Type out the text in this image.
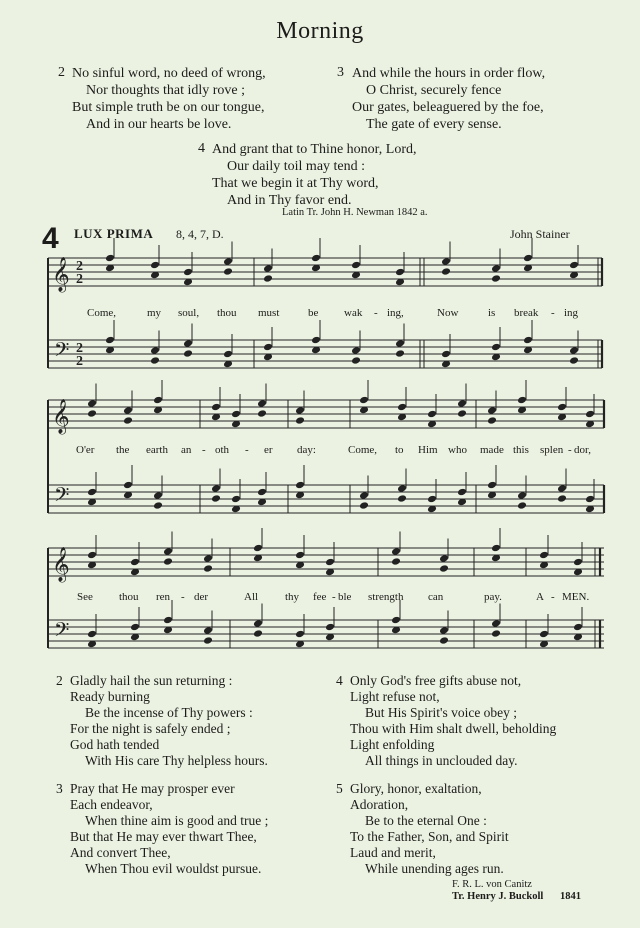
Morning
2 No sinful word, no deed of wrong,
Nor thoughts that idly rove ;
But simple truth be on our tongue,
And in our hearts be love.
3 And while the hours in order flow,
O Christ, securely fence
Our gates, beleaguered by the foe,
The gate of every sense.
4 And grant that to Thine honor, Lord,
Our daily toil may tend :
That we begin it at Thy word,
And in Thy favor end.
Latin Tr. John H. Newman 1842 a.
4 LUX PRIMA 8, 4, 7, D.	John Stainer
𝄞
𝄢
2
2
2
2
𝄞
𝄢
𝄞
𝄢
Come,	my soul, thou must	be wak - ing,	Now	is break - ing
O'er the earth an - oth - er day:	Come, to Him who made this splen - dor,
See thou ren - der	All thy fee - ble strength can	pay.	A - MEN.
2 Gladly hail the sun returning :
Ready burning
Be the incense of Thy powers :
For the night is safely ended ;
God hath tended
With His care Thy helpless hours.
3 Pray that He may prosper ever
Each endeavor,
When thine aim is good and true ;
But that He may ever thwart Thee,
And convert Thee,
When Thou evil wouldst pursue.
4 Only God's free gifts abuse not,
Light refuse not,
But His Spirit's voice obey ;
Thou with Him shalt dwell, beholding
Light enfolding
All things in unclouded day.
5 Glory, honor, exaltation,
Adoration,
Be to the eternal One :
To the Father, Son, and Spirit
Laud and merit,
While unending ages run.
F. R. L. von Canitz
Tr. Henry J. Buckoll 1841
